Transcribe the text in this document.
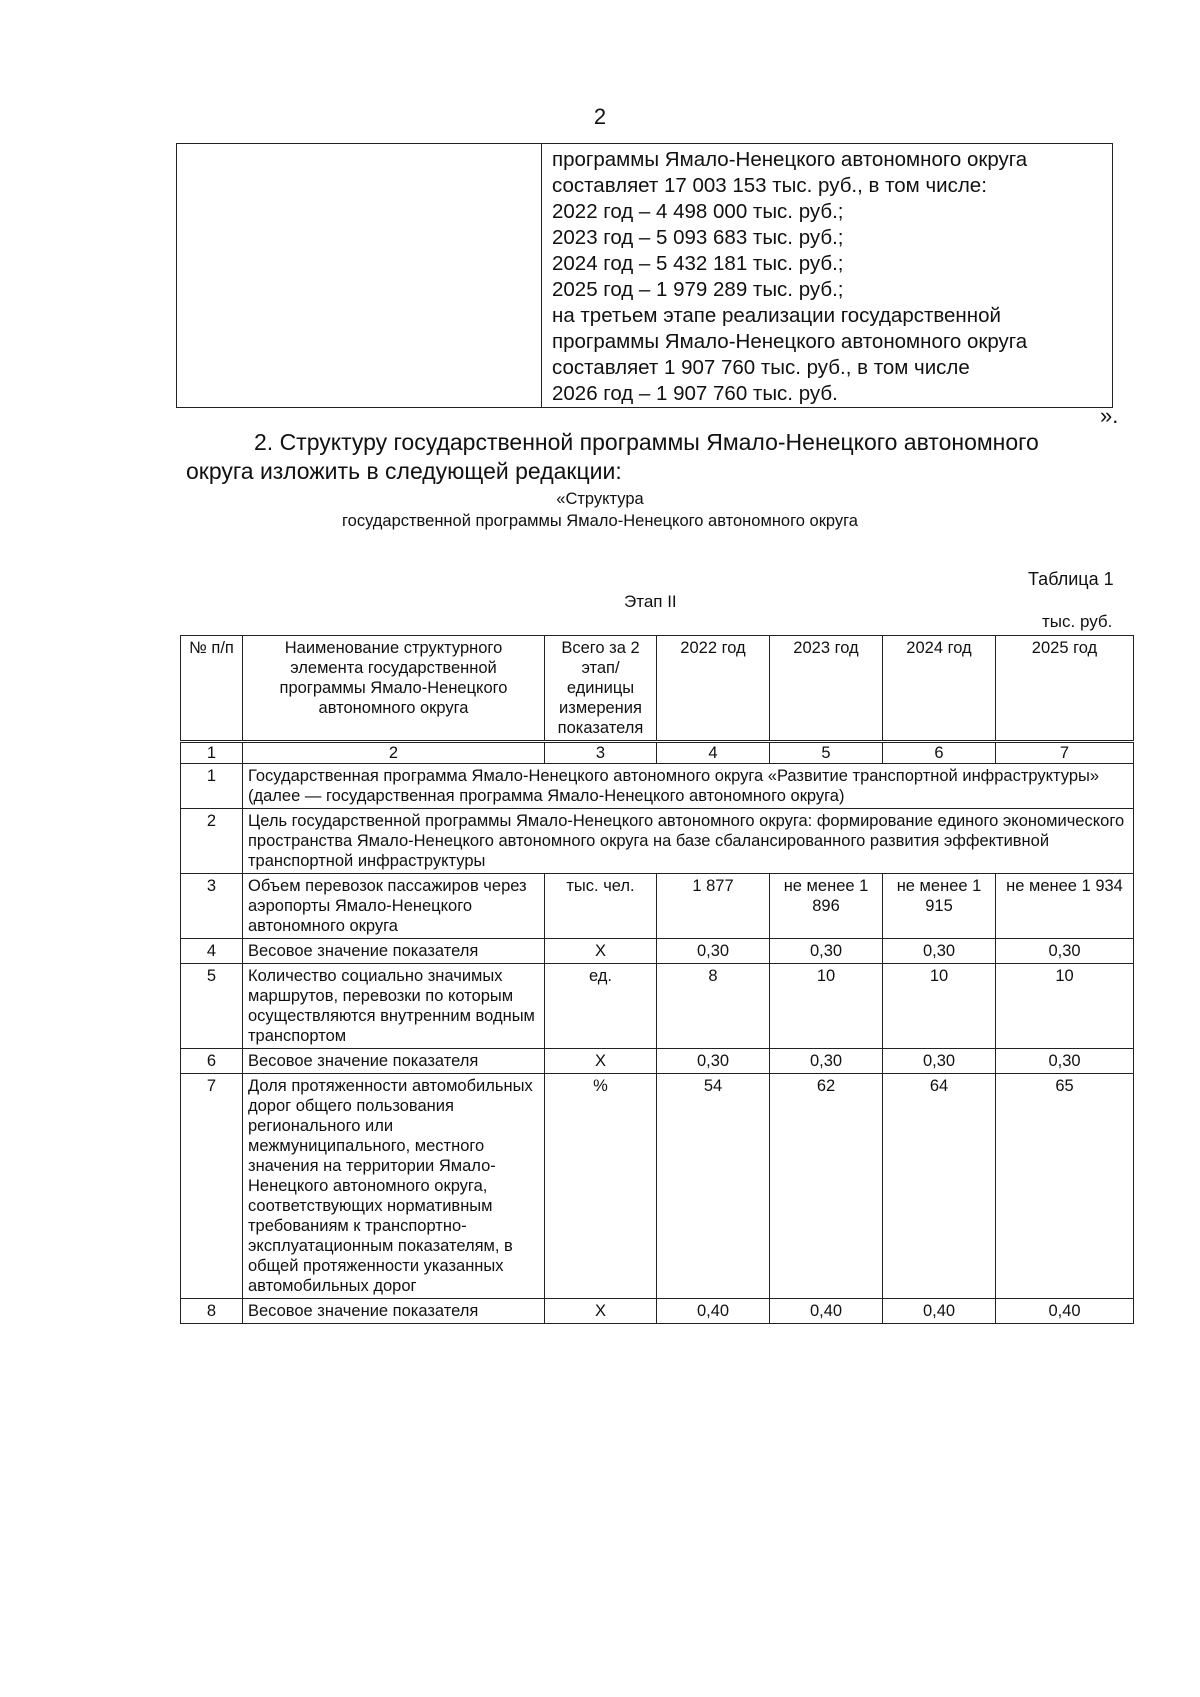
2

программы Ямало-Ненецкого автономного округа
составляет 17 003 153 тыс. руб., в том числе:
2022 год – 4 498 000 тыс. руб.;
2023 год – 5 093 683 тыс. руб.;
2024 год – 5 432 181 тыс. руб.;
2025 год – 1 979 289 тыс. руб.;
на третьем этапе реализации государственной
программы Ямало-Ненецкого автономного округа
составляет 1 907 760 тыс. руб., в том числе
2026 год – 1 907 760 тыс. руб.
».
2. Структуру государственной программы Ямало-Ненецкого автономного
округа изложить в следующей редакции:
«Структура
государственной программы Ямало-Ненецкого автономного округа
Таблица 1
Этап II
тыс. руб.
№ п/п	Наименование структурного элемента государственной программы Ямало-Ненецкого автономного округа	Всего за 2 этап/ единицы измерения показателя	2022 год	2023 год	2024 год	2025 год
1	2	3	4	5	6	7
1	Государственная программа Ямало-Ненецкого автономного округа «Развитие транспортной инфраструктуры» (далее — государственная программа Ямало-Ненецкого автономного округа)					
2	Цель государственной программы Ямало-Ненецкого автономного округа: формирование единого экономического пространства Ямало-Ненецкого автономного округа на базе сбалансированного развития эффективной транспортной инфраструктуры					
3	Объем перевозок пассажиров через аэропорты Ямало-Ненецкого автономного округа	тыс. чел.	1 877	не менее 1 896	не менее 1 915	не менее 1 934
4	Весовое значение показателя	Х	0,30	0,30	0,30	0,30
5	Количество социально значимых маршрутов, перевозки по которым осуществляются внутренним водным транспортом	ед.	8	10	10	10
6	Весовое значение показателя	Х	0,30	0,30	0,30	0,30
7	Доля протяженности автомобильных дорог общего пользования регионального или межмуниципального, местного значения на территории Ямало-Ненецкого автономного округа, соответствующих нормативным требованиям к транспортно-эксплуатационным показателям, в общей протяженности указанных автомобильных дорог	%	54	62	64	65
8	Весовое значение показателя	Х	0,40	0,40	0,40	0,40
